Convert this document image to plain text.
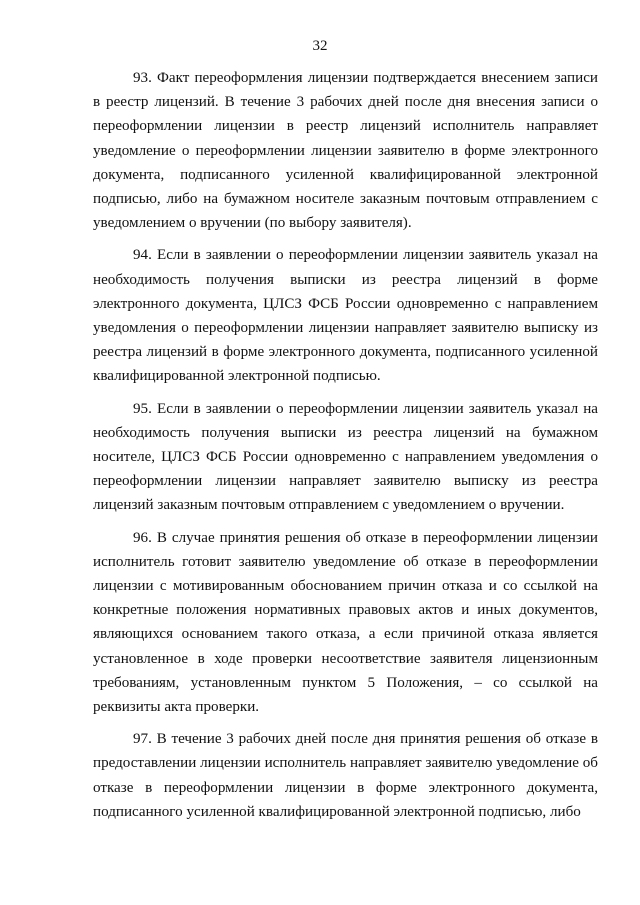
32

93. Факт переоформления лицензии подтверждается внесением записи в реестр лицензий. В течение 3 рабочих дней после дня внесения записи о переоформлении лицензии в реестр лицензий исполнитель направляет уведомление о переоформлении лицензии заявителю в форме электронного документа, подписанного усиленной квалифицированной электронной подписью, либо на бумажном носителе заказным почтовым отправлением с уведомлением о вручении (по выбору заявителя).

94. Если в заявлении о переоформлении лицензии заявитель указал на необходимость получения выписки из реестра лицензий в форме электронного документа, ЦЛСЗ ФСБ России одновременно с направлением уведомления о переоформлении лицензии направляет заявителю выписку из реестра лицензий в форме электронного документа, подписанного усиленной квалифицированной электронной подписью.

95. Если в заявлении о переоформлении лицензии заявитель указал на необходимость получения выписки из реестра лицензий на бумажном носителе, ЦЛСЗ ФСБ России одновременно с направлением уведомления о переоформлении лицензии направляет заявителю выписку из реестра лицензий заказным почтовым отправлением с уведомлением о вручении.

96. В случае принятия решения об отказе в переоформлении лицензии исполнитель готовит заявителю уведомление об отказе в переоформлении лицензии с мотивированным обоснованием причин отказа и со ссылкой на конкретные положения нормативных правовых актов и иных документов, являющихся основанием такого отказа, а если причиной отказа является установленное в ходе проверки несоответствие заявителя лицензионным требованиям, установленным пунктом 5 Положения, – со ссылкой на реквизиты акта проверки.

97. В течение 3 рабочих дней после дня принятия решения об отказе в предоставлении лицензии исполнитель направляет заявителю уведомление об отказе в переоформлении лицензии в форме электронного документа, подписанного усиленной квалифицированной электронной подписью, либо
